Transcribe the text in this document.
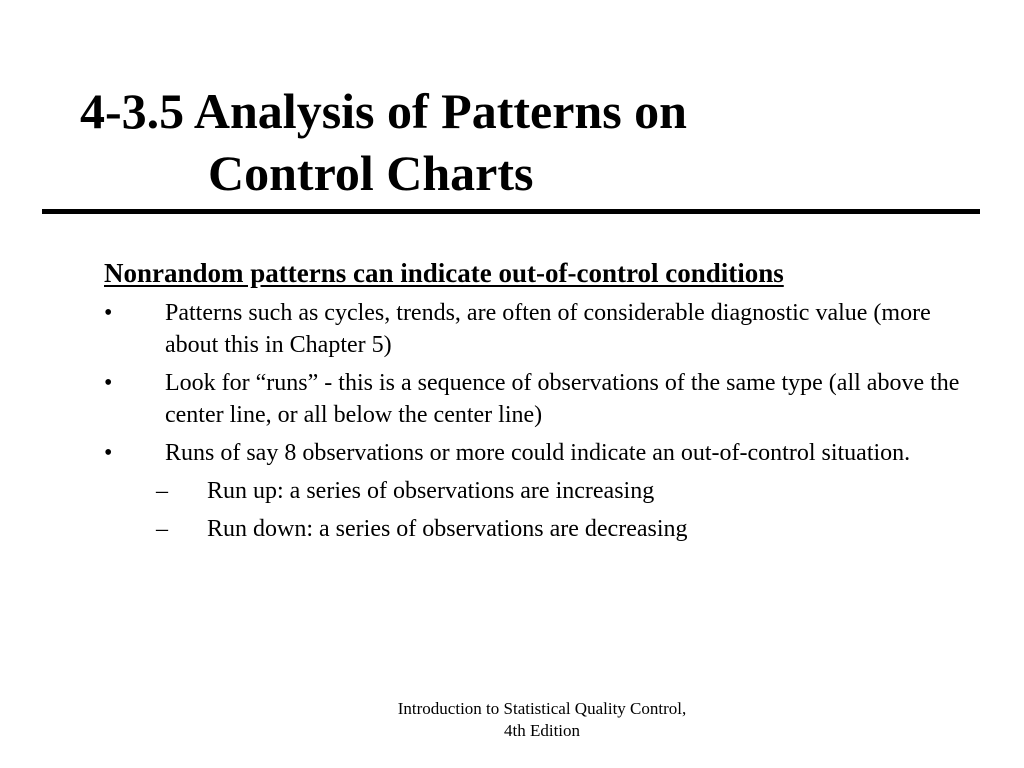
4-3.5 Analysis of Patterns on
Control Charts

Nonrandom patterns can indicate out-of-control conditions

•	Patterns such as cycles, trends, are often of considerable diagnostic value (more about this in Chapter 5)
•	Look for “runs” - this is a sequence of observations of the same type (all above the center line, or all below the center line)
•	Runs of say 8 observations or more could indicate an out-of-control situation.
– Run up: a series of observations are increasing
– Run down: a series of observations are decreasing
Introduction to Statistical Quality Control,
4th Edition
